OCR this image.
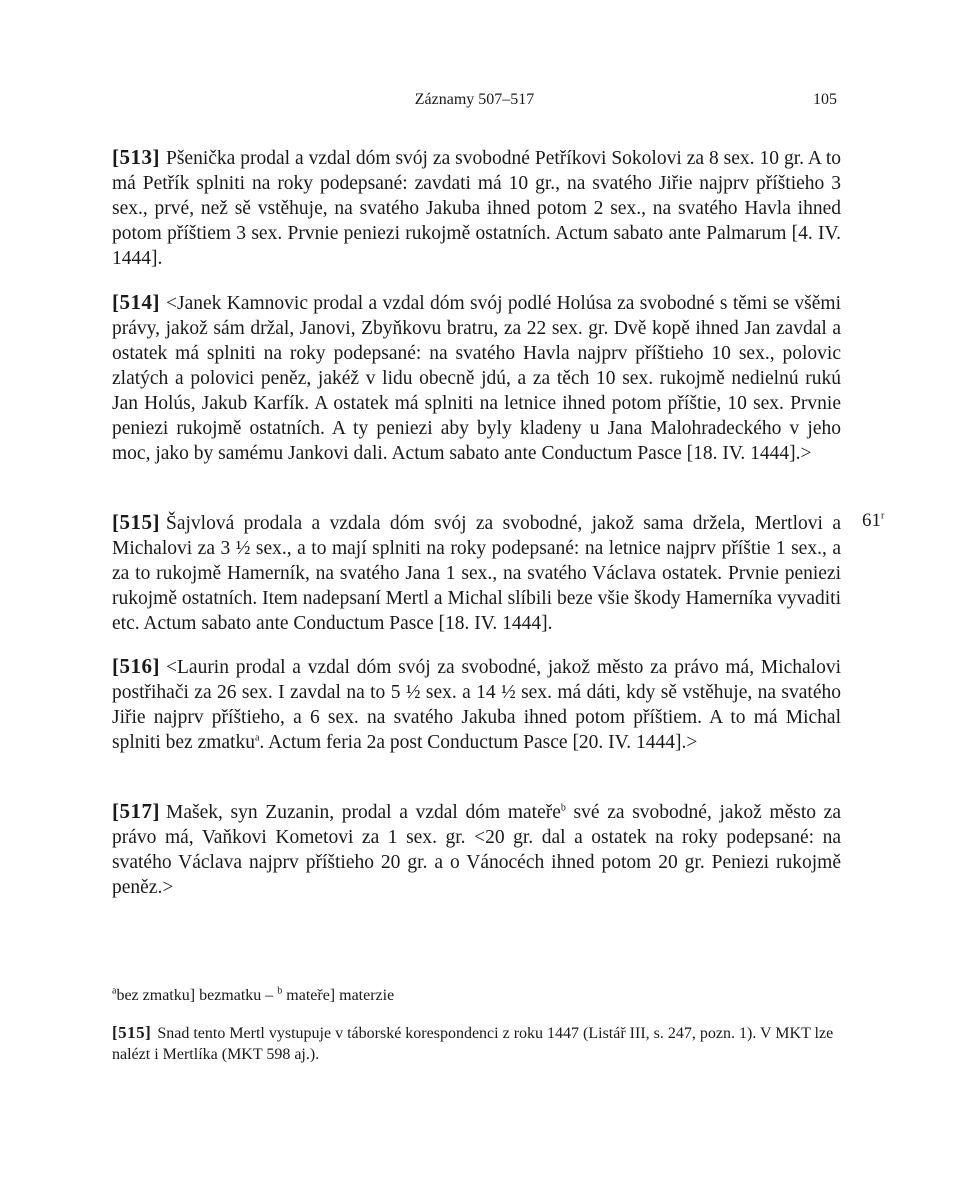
Záznamy 507–517	105
61$^r$
[513] Pšenička prodal a vzdal dóm svój za svobodné Petříkovi Sokolovi za 8 sex. 10 gr. A to má Petřík splniti na roky podepsané: zavdati má 10 gr., na svatého Jiřie najprv příštieho 3 sex., prvé, než sě vstěhuje, na svatého Jakuba ihned potom 2 sex., na svatého Havla ihned potom příštiem 3 sex. Prvnie peniezi rukojmě ostatních. Actum sabato ante Palmarum [4. IV. 1444].
[514] <Janek Kamnovic prodal a vzdal dóm svój podlé Holúsa za svobodné s těmi se všěmi právy, jakož sám držal, Janovi, Zbyňkovu bratru, za 22 sex. gr. Dvě kopě ihned Jan zavdal a ostatek má splniti na roky podepsané: na svatého Havla najprv příštieho 10 sex., polovic zlatých a polovici peněz, jakéž v lidu obecně jdú, a za těch 10 sex. rukojmě nedielnú rukú Jan Holús, Jakub Karfík. A ostatek má splniti na letnice ihned potom příštie, 10 sex. Prvnie peniezi rukojmě ostatních. A ty peniezi aby byly kladeny u Jana Malohradeckého v jeho moc, jako by samému Jankovi dali. Actum sabato ante Conductum Pasce [18. IV. 1444].>
[515] Šajvlová prodala a vzdala dóm svój za svobodné, jakož sama držela, Mertlovi a Michalovi za 3 ½ sex., a to mají splniti na roky podepsané: na letnice najprv příštie 1 sex., a za to rukojmě Hamerník, na svatého Jana 1 sex., na svatého Václava ostatek. Prvnie peniezi rukojmě ostatních. Item nadepsaní Mertl a Michal slíbili beze všie škody Hamerníka vyvaditi etc. Actum sabato ante Conductum Pasce [18. IV. 1444].
[516] <Laurin prodal a vzdal dóm svój za svobodné, jakož město za právo má, Michalovi postřihači za 26 sex. I zavdal na to 5 ½ sex. a 14 ½ sex. má dáti, kdy sě vstěhuje, na svatého Jiřie najprv příštieho, a 6 sex. na svatého Jakuba ihned potom příštiem. A to má Michal splniti bez zmatku$^a$. Actum feria 2a post Conductum Pasce [20. IV. 1444].>
[517] Mašek, syn Zuzanin, prodal a vzdal dóm mateře$^b$ své za svobodné, jakož město za právo má, Vaňkovi Kometovi za 1 sex. gr. <20 gr. dal a ostatek na roky podepsané: na svatého Václava najprv příštieho 20 gr. a o Vánocéch ihned potom 20 gr. Peniezi rukojmě peněz.>
$^a$bez zmatku] bezmatku – $^b$ mateře] materzie
[515] Snad tento Mertl vystupuje v táborské korespondenci z roku 1447 (Listář III, s. 247, pozn. 1). V MKT lze nalézt i Mertlíka (MKT 598 aj.).
